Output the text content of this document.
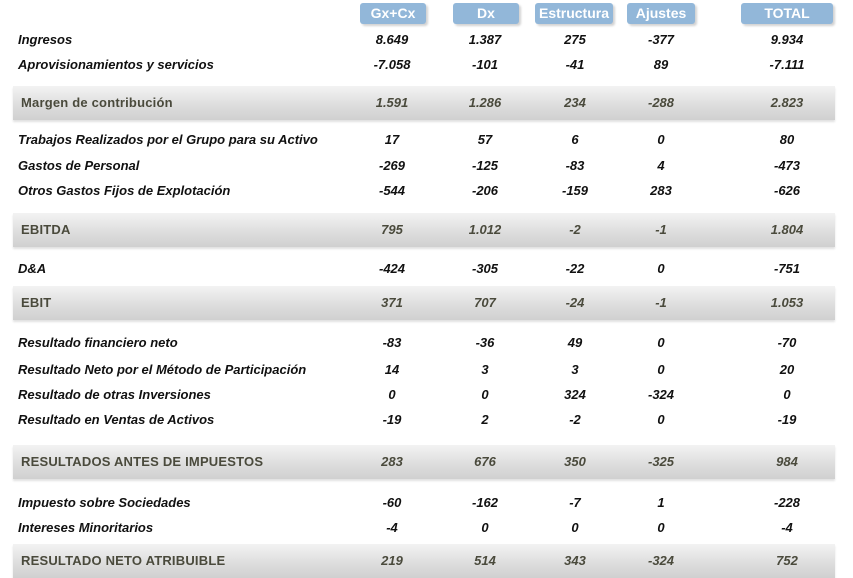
Gx+Cx	Dx	Estructura	Ajustes	TOTAL
Ingresos	8.649	1.387	275	-377	9.934
Aprovisionamientos y servicios	-7.058	-101	-41	89	-7.111
Margen de contribución	1.591	1.286	234	-288	2.823
Trabajos Realizados por el Grupo para su Activo	17	57	6	0	80
Gastos de Personal	-269	-125	-83	4	-473
Otros Gastos Fijos de Explotación	-544	-206	-159	283	-626
EBITDA	795	1.012	-2	-1	1.804
D&A	-424	-305	-22	0	-751
EBIT	371	707	-24	-1	1.053
Resultado financiero neto	-83	-36	49	0	-70
Resultado Neto por el Método de Participación	14	3	3	0	20
Resultado de otras Inversiones	0	0	324	-324	0
Resultado en Ventas de Activos	-19	2	-2	0	-19
RESULTADOS ANTES DE IMPUESTOS	283	676	350	-325	984
Impuesto sobre Sociedades	-60	-162	-7	1	-228
Intereses Minoritarios	-4	0	0	0	-4
RESULTADO NETO ATRIBUIBLE	219	514	343	-324	752
